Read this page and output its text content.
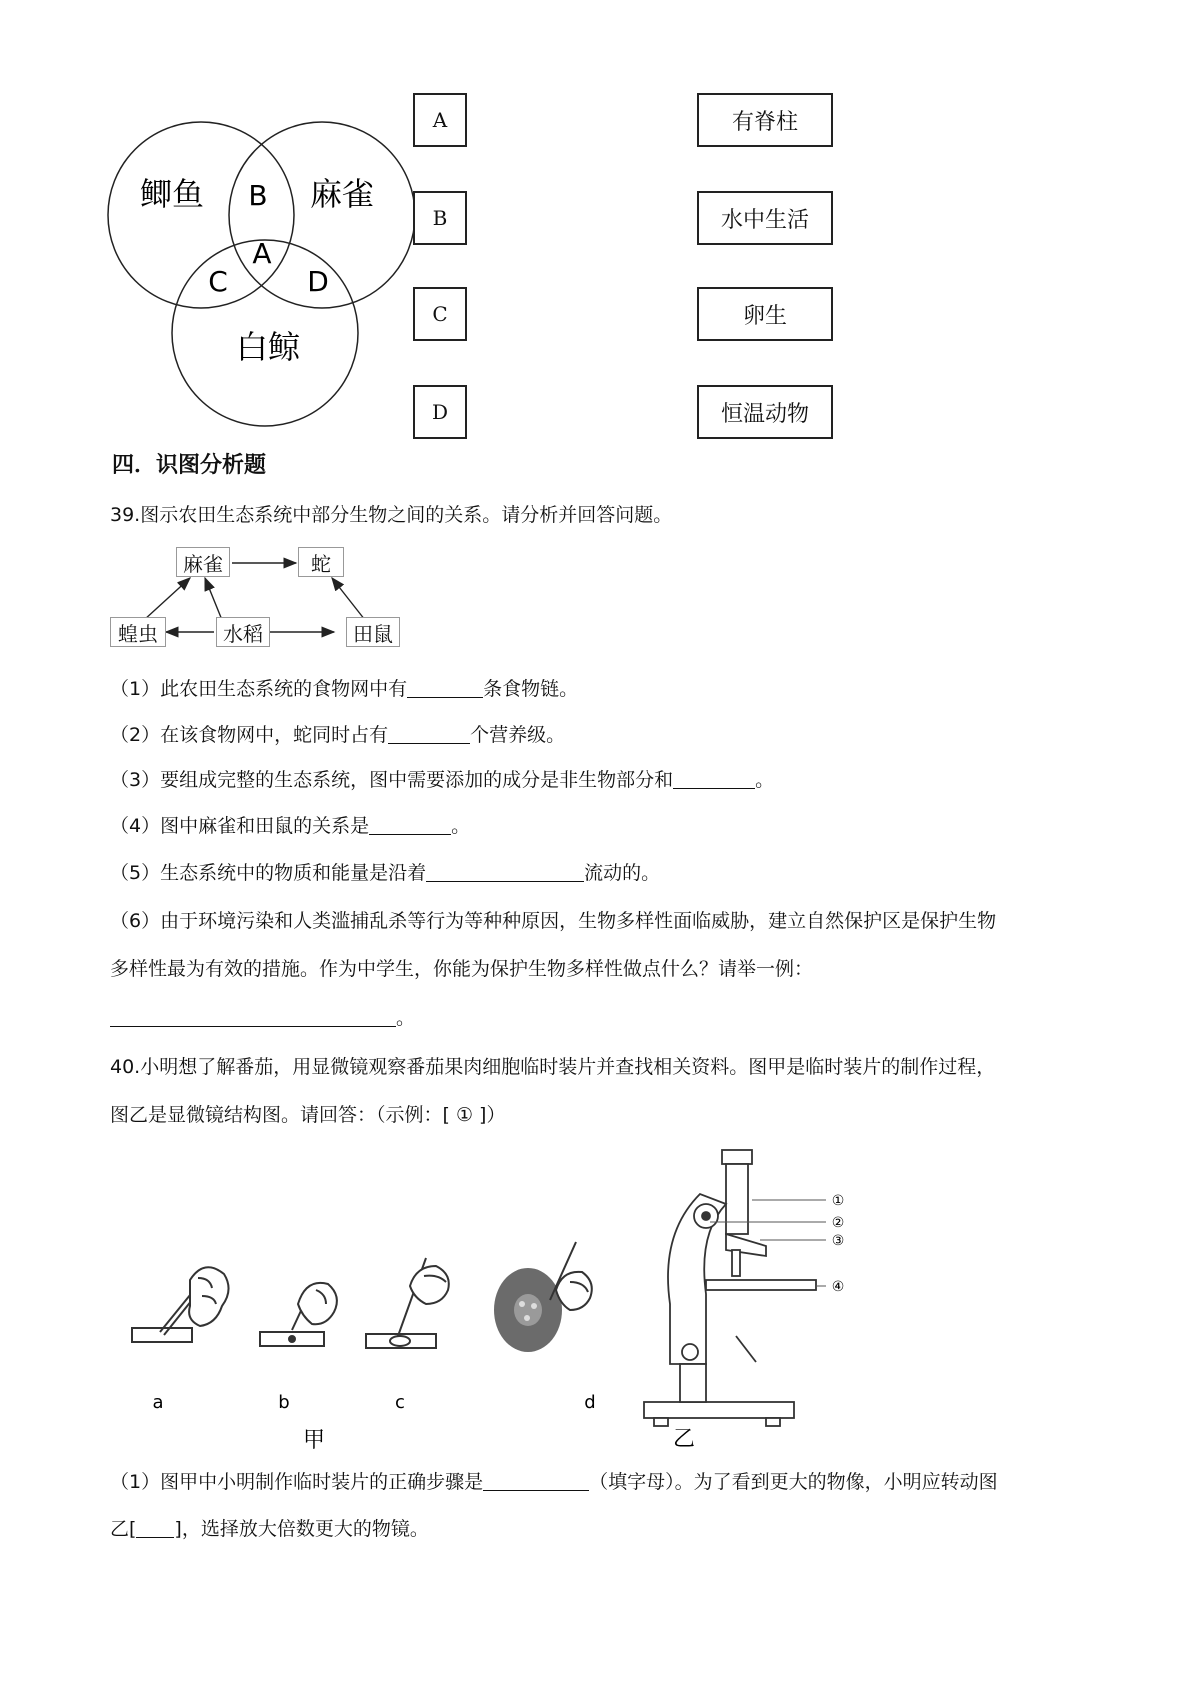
鲫鱼	麻雀
白鲸
B
A
C	D
A
B
C
D
有脊柱
水中生活
卵生
恒温动物
四．识图分析题
39.图示农田生态系统中部分生物之间的关系。请分析并回答问题。
麻雀	蛇
蝗虫	水稻	田鼠
（1）此农田生态系统的食物网中有	条食物链。
（2）在该食物网中，蛇同时占有	个营养级。
（3）要组成完整的生态系统，图中需要添加的成分是非生物部分和	。
（4）图中麻雀和田鼠的关系是	。
（5）生态系统中的物质和能量是沿着	流动的。
（6）由于环境污染和人类滥捕乱杀等行为等种种原因，生物多样性面临威胁，建立自然保护区是保护生物
多样性最为有效的措施。作为中学生，你能为保护生物多样性做点什么？请举一例：
。
40.小明想了解番茄，用显微镜观察番茄果肉细胞临时装片并查找相关资料。图甲是临时装片的制作过程，
图乙是显微镜结构图。请回答：（示例：[ ① ]）
a	b	c	d
甲
①
②
③
④
乙
（1）图甲中小明制作临时装片的正确步骤是	（填字母）。为了看到更大的物像，小明应转动图
乙[ ]，选择放大倍数更大的物镜。
